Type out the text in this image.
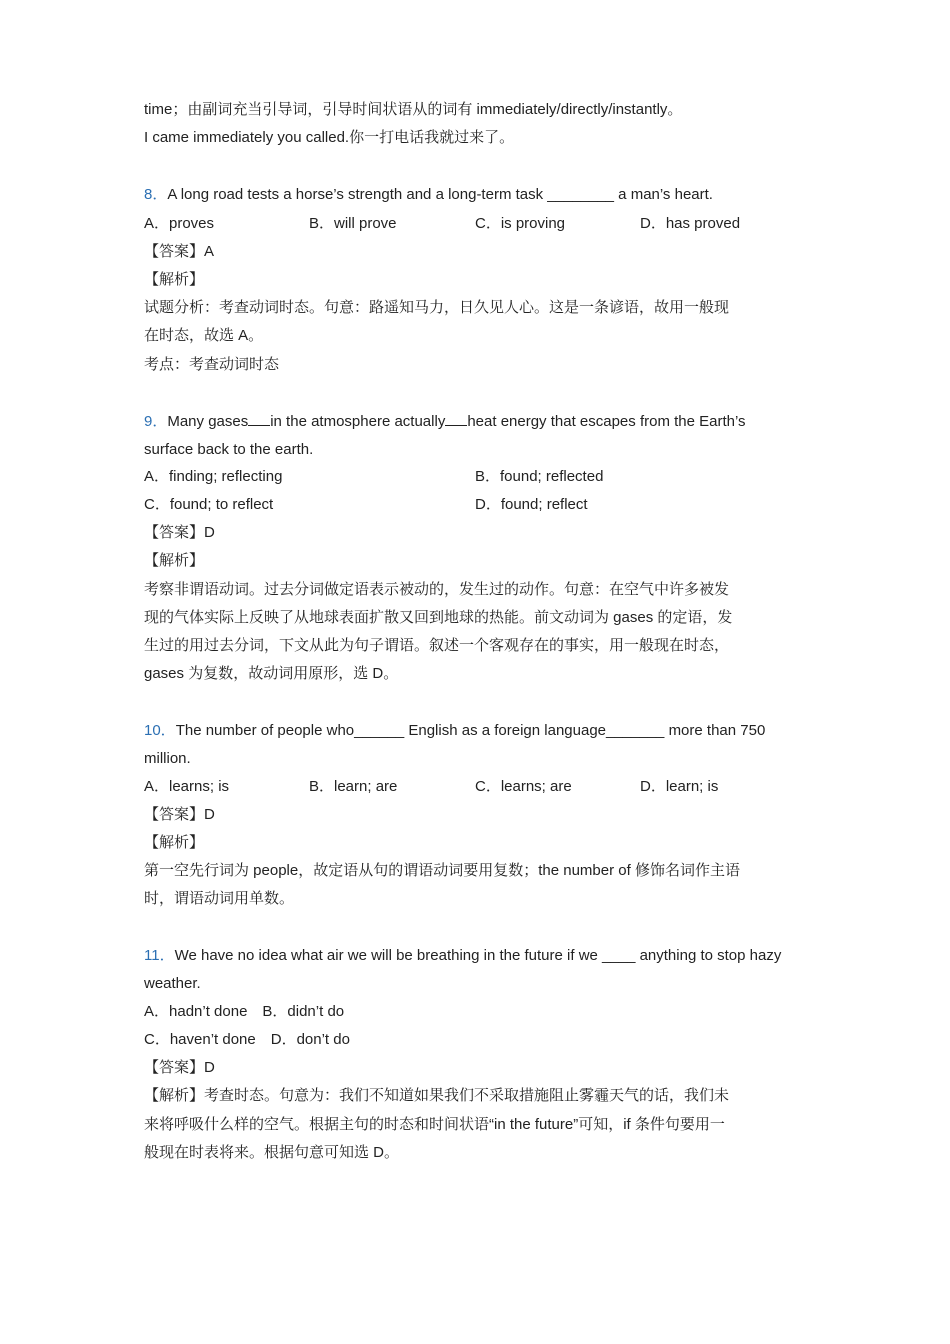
time；由副词充当引导词，引导时间状语从的词有 immediately/directly/instantly。
I came immediately you called.你一打电话我就过来了。
8．A long road tests a horse’s strength and a long-term task ________ a man’s heart.
A．proves	B．will prove	C．is proving	D．has proved
【答案】A
【解析】
试题分析：考查动词时态。句意：路遥知马力，日久见人心。这是一条谚语，故用一般现
在时态，故选 A。
考点：考查动词时态
9．Many gases in the atmosphere actually heat energy that escapes from the Earth’s
surface back to the earth.
A．finding; reflecting	B．found; reflected
C．found; to reflect	D．found; reflect
【答案】D
【解析】
考察非谓语动词。过去分词做定语表示被动的，发生过的动作。句意：在空气中许多被发
现的气体实际上反映了从地球表面扩散又回到地球的热能。前文动词为 gases 的定语，发
生过的用过去分词，下文从此为句子谓语。叙述一个客观存在的事实，用一般现在时态，
gases 为复数，故动词用原形，选 D。
10．The number of people who______ English as a foreign language_______ more than 750
million.
A．learns; is	B．learn; are	C．learns; are	D．learn; is
【答案】D
【解析】
第一空先行词为 people，故定语从句的谓语动词要用复数；the number of 修饰名词作主语
时，谓语动词用单数。
11．We have no idea what air we will be breathing in the future if we ____ anything to stop hazy
weather.
A．hadn’t done　B．didn’t do
C．haven’t done　D．don’t do
【答案】D
【解析】考查时态。句意为：我们不知道如果我们不采取措施阻止雾霾天气的话，我们未
来将呼吸什么样的空气。根据主句的时态和时间状语“in the future”可知，if 条件句要用一
般现在时表将来。根据句意可知选 D。
